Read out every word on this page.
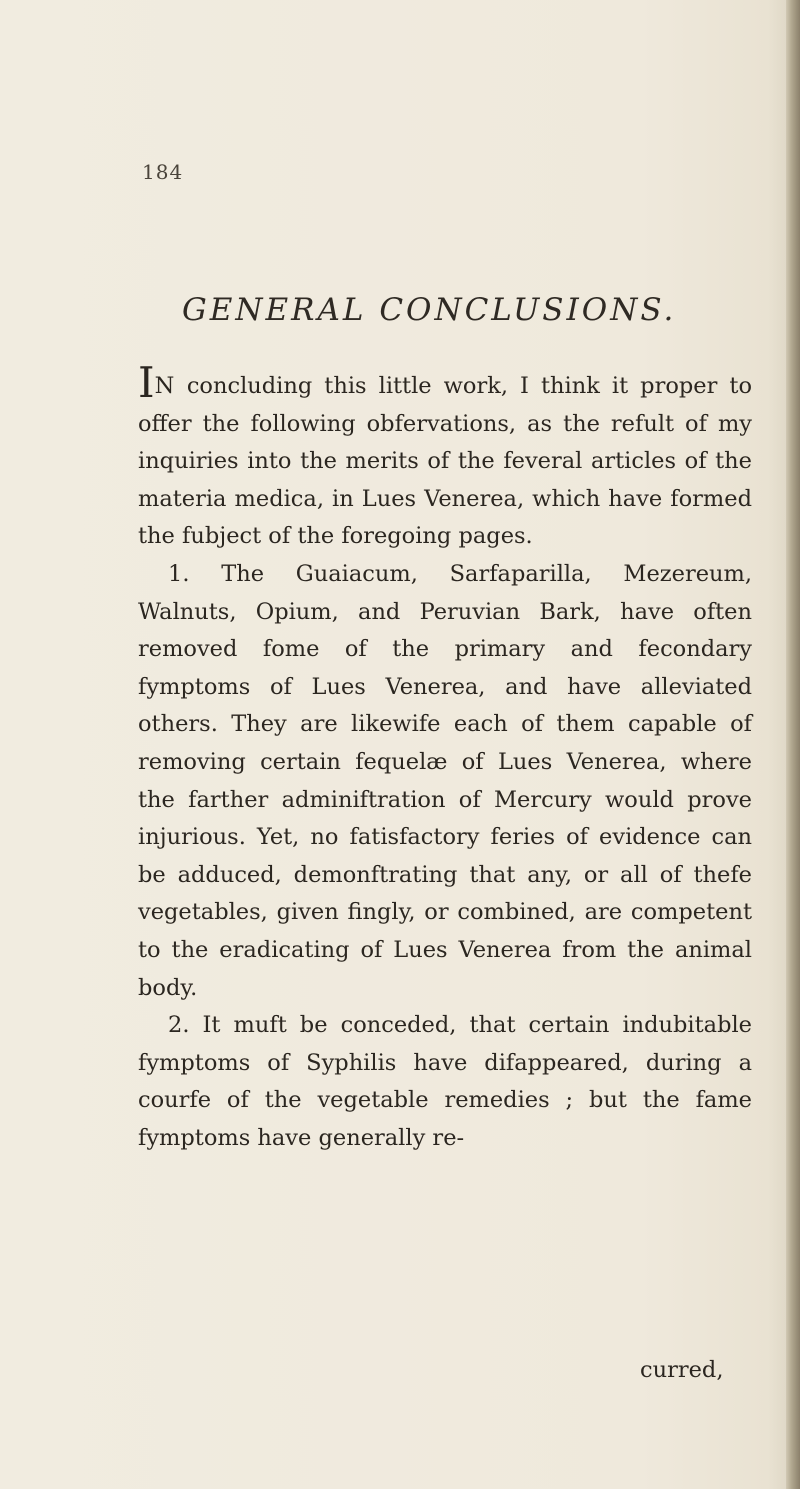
184
GENERAL CONCLUSIONS.

IN concluding this little work, I think it proper to offer the following obfervations, as the refult of my inquiries into the merits of the feveral articles of the materia medica, in Lues Venerea, which have formed the fubject of the foregoing pages.

1. The Guaiacum, Sarfaparilla, Mezereum, Walnuts, Opium, and Peruvian Bark, have often removed fome of the primary and fecondary fymptoms of Lues Venerea, and have alleviated others. They are likewife each of them capable of removing certain fequelæ of Lues Venerea, where the farther adminiftration of Mercury would prove injurious. Yet, no fatisfactory feries of evidence can be adduced, demonftrating that any, or all of thefe vegetables, given fingly, or combined, are competent to the eradicating of Lues Venerea from the animal body.

2. It muft be conceded, that certain indubitable fymptoms of Syphilis have difappeared, during a courfe of the vegetable remedies ; but the fame fymptoms have generally re-

curred,
